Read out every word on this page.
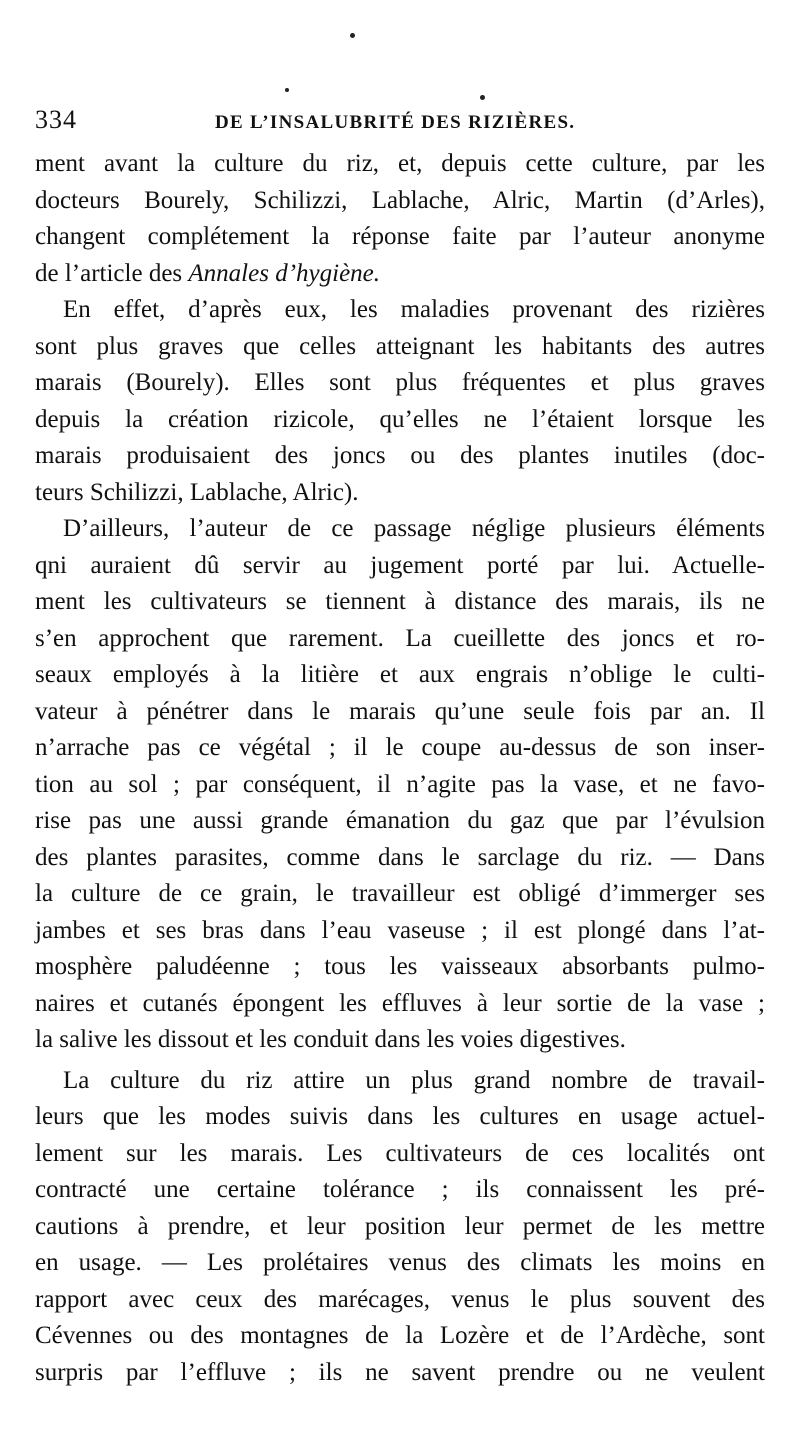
334	DE L’INSALUBRITÉ DES RIZIÈRES.
ment avant la culture du riz, et, depuis cette culture, par les
docteurs Bourely, Schilizzi, Lablache, Alric, Martin (d’Arles),
changent complétement la réponse faite par l’auteur anonyme
de l’article des Annales d’hygiène.
En effet, d’après eux, les maladies provenant des rizières
sont plus graves que celles atteignant les habitants des autres
marais (Bourely). Elles sont plus fréquentes et plus graves
depuis la création rizicole, qu’elles ne l’étaient lorsque les
marais produisaient des joncs ou des plantes inutiles (doc-
teurs Schilizzi, Lablache, Alric).
D’ailleurs, l’auteur de ce passage néglige plusieurs éléments
qni auraient dû servir au jugement porté par lui. Actuelle-
ment les cultivateurs se tiennent à distance des marais, ils ne
s’en approchent que rarement. La cueillette des joncs et ro-
seaux employés à la litière et aux engrais n’oblige le culti-
vateur à pénétrer dans le marais qu’une seule fois par an. Il
n’arrache pas ce végétal ; il le coupe au-dessus de son inser-
tion au sol ; par conséquent, il n’agite pas la vase, et ne favo-
rise pas une aussi grande émanation du gaz que par l’évulsion
des plantes parasites, comme dans le sarclage du riz. — Dans
la culture de ce grain, le travailleur est obligé d’immerger ses
jambes et ses bras dans l’eau vaseuse ; il est plongé dans l’at-
mosphère paludéenne ; tous les vaisseaux absorbants pulmo-
naires et cutanés épongent les effluves à leur sortie de la vase ;
la salive les dissout et les conduit dans les voies digestives.
La culture du riz attire un plus grand nombre de travail-
leurs que les modes suivis dans les cultures en usage actuel-
lement sur les marais. Les cultivateurs de ces localités ont
contracté une certaine tolérance ; ils connaissent les pré-
cautions à prendre, et leur position leur permet de les mettre
en usage. — Les prolétaires venus des climats les moins en
rapport avec ceux des marécages, venus le plus souvent des
Cévennes ou des montagnes de la Lozère et de l’Ardèche, sont
surpris par l’effluve ; ils ne savent prendre ou ne veulent
